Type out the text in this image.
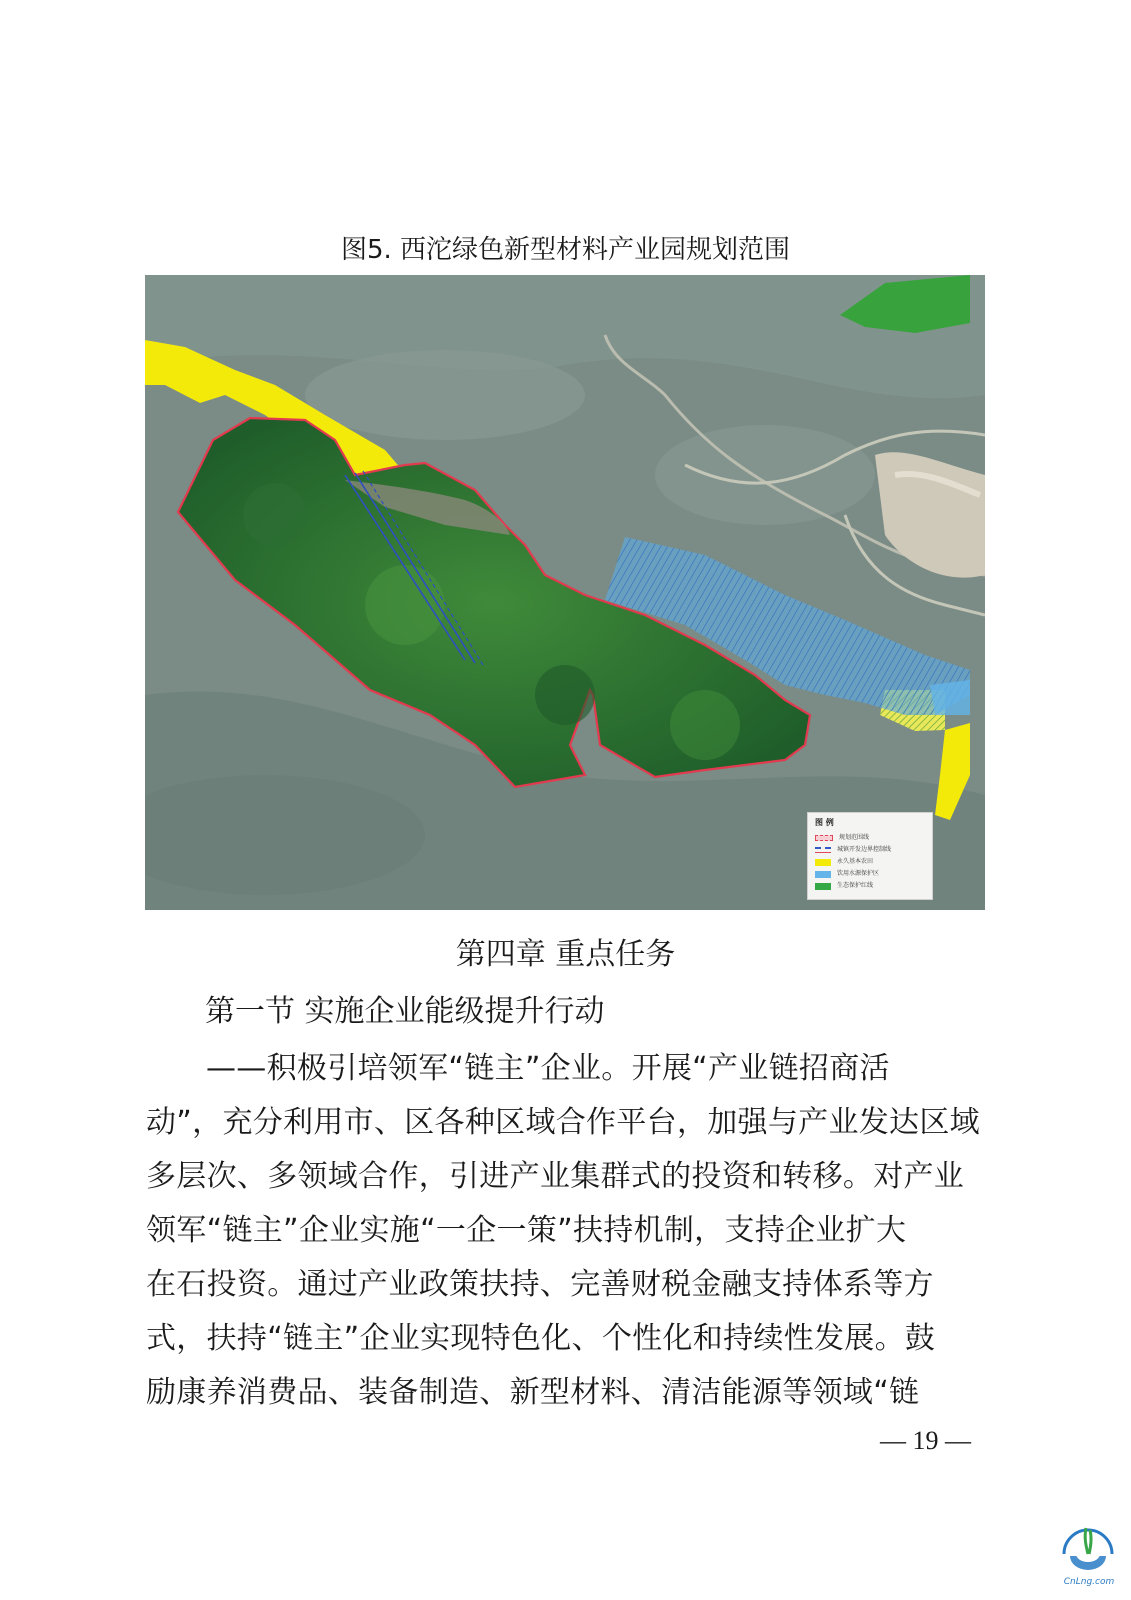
图5. 西沱绿色新型材料产业园规划范围
图 例
规划范围线
城镇开发边界控制线
永久基本农田
饮用水源保护区
生态保护红线
第四章 重点任务
第一节 实施企业能级提升行动
——积极引培领军“链主”企业。开展“产业链招商活
动”，充分利用市、区各种区域合作平台，加强与产业发达区域
多层次、多领域合作，引进产业集群式的投资和转移。对产业
领军“链主”企业实施“一企一策”扶持机制，支持企业扩大
在石投资。通过产业政策扶持、完善财税金融支持体系等方
式，扶持“链主”企业实现特色化、个性化和持续性发展。鼓
励康养消费品、装备制造、新型材料、清洁能源等领域“链
— 19 —
CnLng.com
